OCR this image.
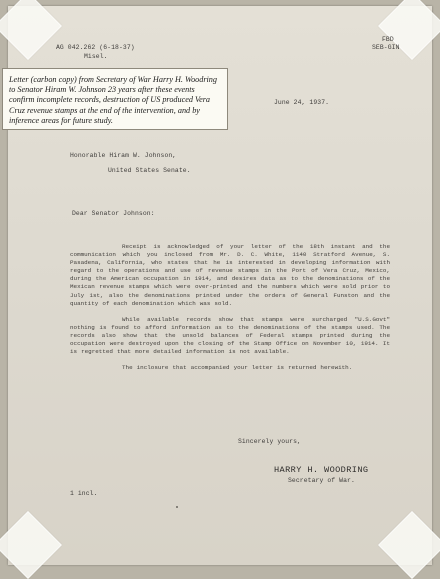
AG 042.262 (6-18-37)
Misel.
FBD
SEB-GIN
Letter (carbon copy) from Secretary of War Harry H. Woodring to Senator Hiram W. Johnson 23 years after these events confirm incomplete records, destruction of US produced Vera Cruz revenue stamps at the end of the intervention, and by inference areas for future study.
June 24, 1937.
Honorable Hiram W. Johnson,
United States Senate.
Dear Senator Johnson:

Receipt is acknowledged of your letter of the 18th instant and the communication which you inclosed from Mr. D. C. White, 1140 Stratford Avenue, S. Pasadena, California, who states that he is interested in developing information with regard to the operations and use of revenue stamps in the Port of Vera Cruz, Mexico, during the American occupation in 1914, and desires data as to the denominations of the Mexican revenue stamps which were over-printed and the numbers which were sold prior to July 1st, also the denominations printed under the orders of General Funston and the quantity of each denomination which was sold.

While available records show that stamps were surcharged "U.S.Govt" nothing is found to afford information as to the denominations of the stamps used. The records also show that the unsold balances of Federal stamps printed during the occupation were destroyed upon the closing of the Stamp Office on November 10, 1914. It is regretted that more detailed information is not available.

The inclosure that accompanied your letter is returned herewith.

Sincerely yours,
HARRY H. WOODRING
Secretary of War.
1 incl.
